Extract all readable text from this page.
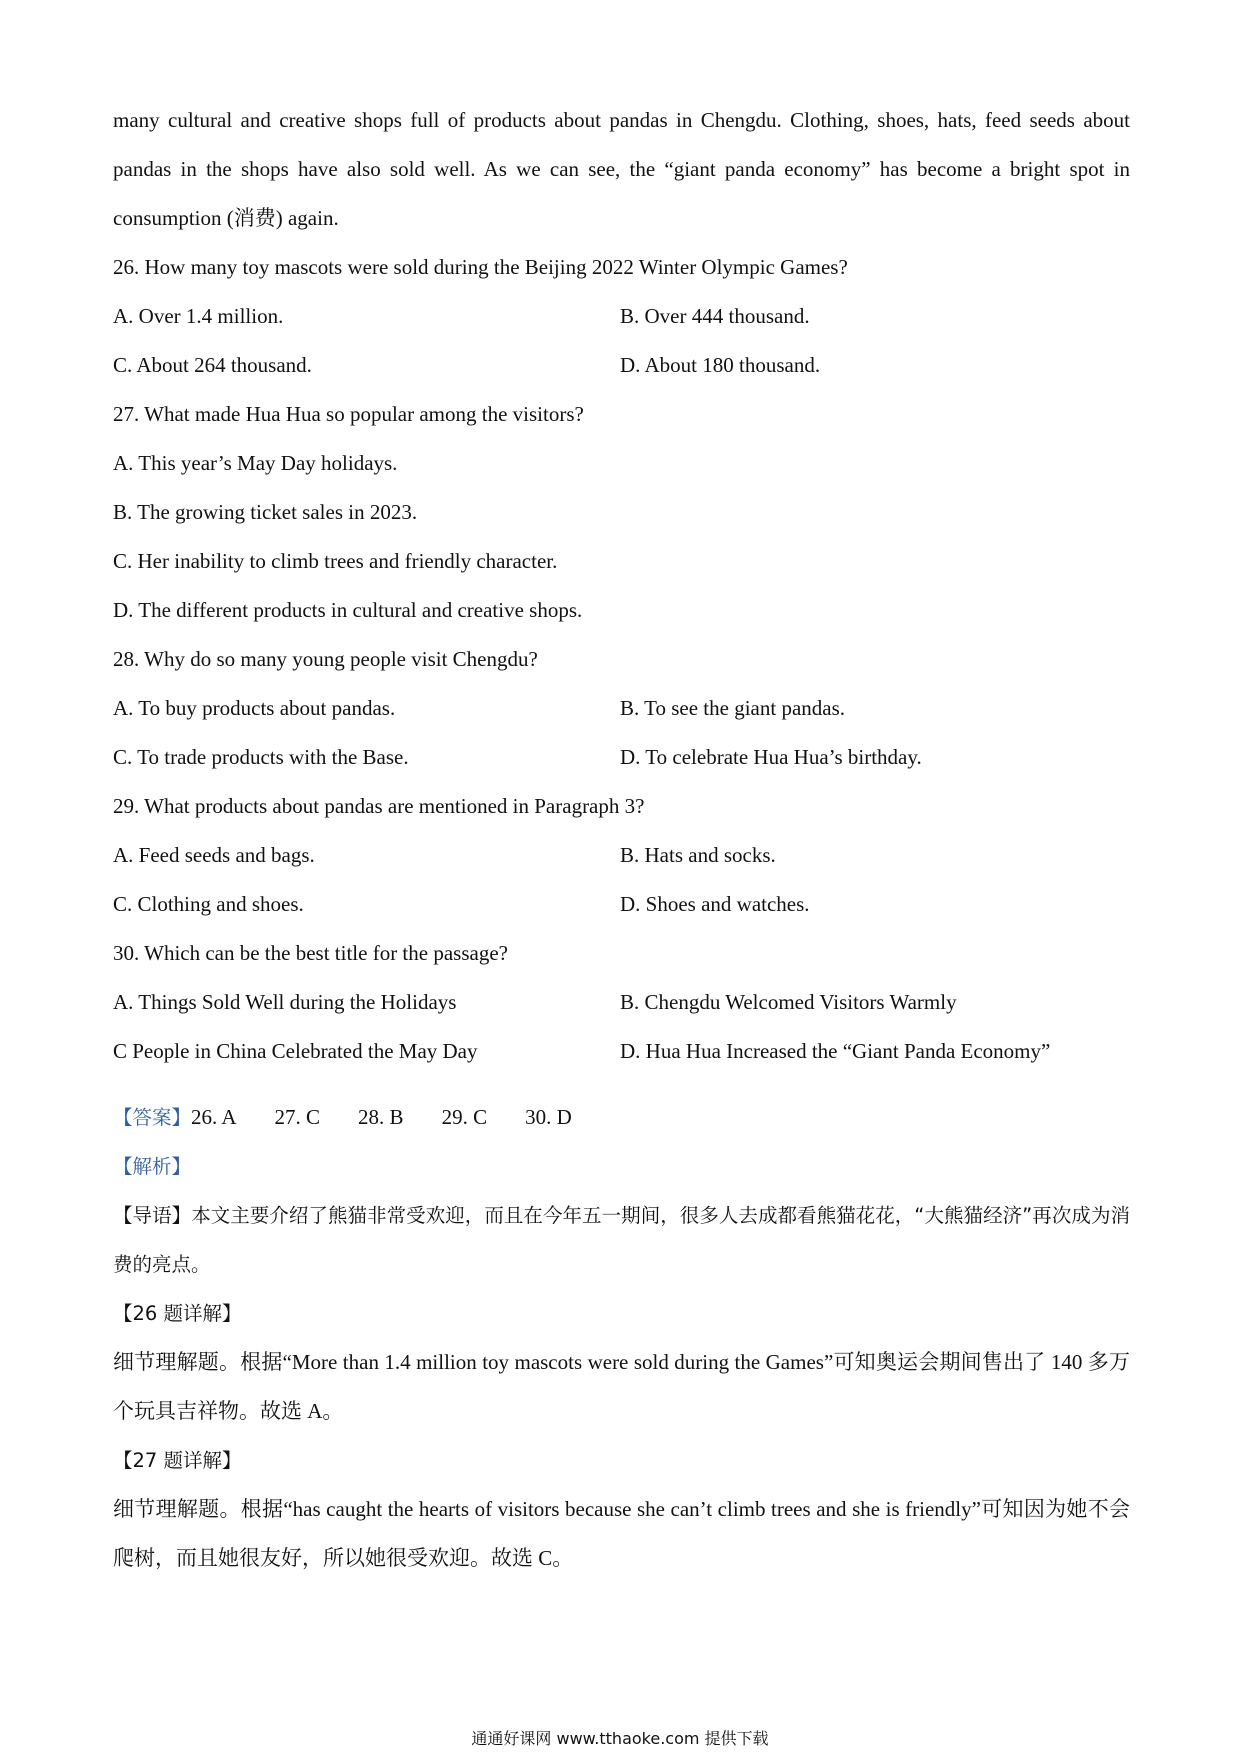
many cultural and creative shops full of products about pandas in Chengdu. Clothing, shoes, hats, feed seeds about pandas in the shops have also sold well. As we can see, the “giant panda economy” has become a bright spot in consumption (消费) again.

26. How many toy mascots were sold during the Beijing 2022 Winter Olympic Games?
A. Over 1.4 million.	B. Over 444 thousand.
C. About 264 thousand.	D. About 180 thousand.
27. What made Hua Hua so popular among the visitors?
A. This year’s May Day holidays.
B. The growing ticket sales in 2023.
C. Her inability to climb trees and friendly character.
D. The different products in cultural and creative shops.
28. Why do so many young people visit Chengdu?
A. To buy products about pandas.	B. To see the giant pandas.
C. To trade products with the Base.	D. To celebrate Hua Hua’s birthday.
29. What products about pandas are mentioned in Paragraph 3?
A. Feed seeds and bags.	B. Hats and socks.
C. Clothing and shoes.	D. Shoes and watches.
30. Which can be the best title for the passage?
A. Things Sold Well during the Holidays	B. Chengdu Welcomed Visitors Warmly
C People in China Celebrated the May Day	D. Hua Hua Increased the “Giant Panda Economy”
【答案】26. A 27. C 28. B 29. C 30. D
【解析】

【导语】本文主要介绍了熊猫非常受欢迎，而且在今年五一期间，很多人去成都看熊猫花花，“大熊猫经济”再次成为消费的亮点。

【26 题详解】

细节理解题。根据“More than 1.4 million toy mascots were sold during the Games”可知奥运会期间售出了 140 多万个玩具吉祥物。故选 A。

【27 题详解】

细节理解题。根据“has caught the hearts of visitors because she can’t climb trees and she is friendly”可知因为她不会爬树，而且她很友好，所以她很受欢迎。故选 C。

通通好课网 www.tthaoke.com 提供下载
